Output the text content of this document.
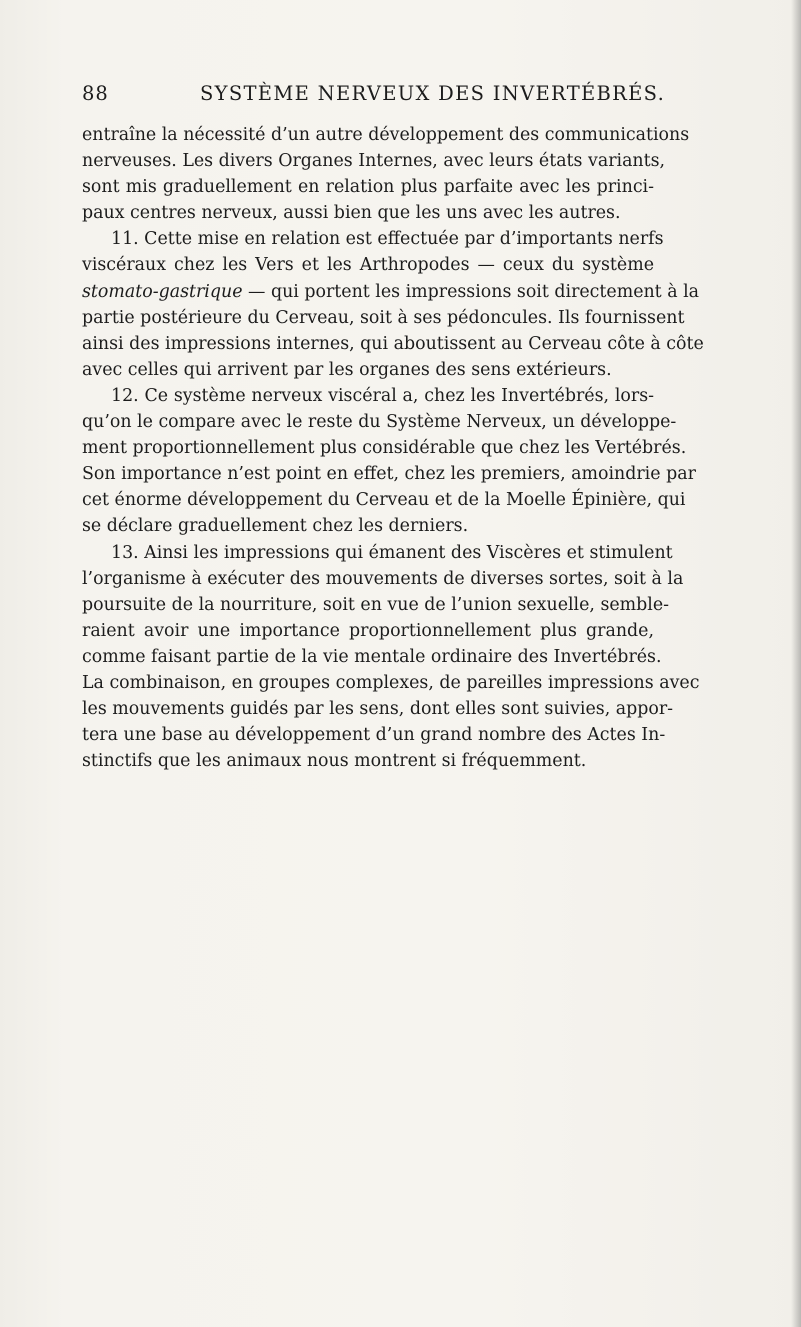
88	SYSTÈME NERVEUX DES INVERTÉBRÉS.
entraîne la nécessité d’un autre développement des communications
nerveuses. Les divers Organes Internes, avec leurs états variants,
sont mis graduellement en relation plus parfaite avec les princi-
paux centres nerveux, aussi bien que les uns avec les autres.
11. Cette mise en relation est effectuée par d’importants nerfs
viscéraux chez les Vers et les Arthropodes — ceux du système
stomato-gastrique — qui portent les impressions soit directement à la
partie postérieure du Cerveau, soit à ses pédoncules. Ils fournissent
ainsi des impressions internes, qui aboutissent au Cerveau côte à côte
avec celles qui arrivent par les organes des sens extérieurs.
12. Ce système nerveux viscéral a, chez les Invertébrés, lors-
qu’on le compare avec le reste du Système Nerveux, un développe-
ment proportionnellement plus considérable que chez les Vertébrés.
Son importance n’est point en effet, chez les premiers, amoindrie par
cet énorme développement du Cerveau et de la Moelle Épinière, qui
se déclare graduellement chez les derniers.
13. Ainsi les impressions qui émanent des Viscères et stimulent
l’organisme à exécuter des mouvements de diverses sortes, soit à la
poursuite de la nourriture, soit en vue de l’union sexuelle, semble-
raient avoir une importance proportionnellement plus grande,
comme faisant partie de la vie mentale ordinaire des Invertébrés.
La combinaison, en groupes complexes, de pareilles impressions avec
les mouvements guidés par les sens, dont elles sont suivies, appor-
tera une base au développement d’un grand nombre des Actes In-
stinctifs que les animaux nous montrent si fréquemment.
